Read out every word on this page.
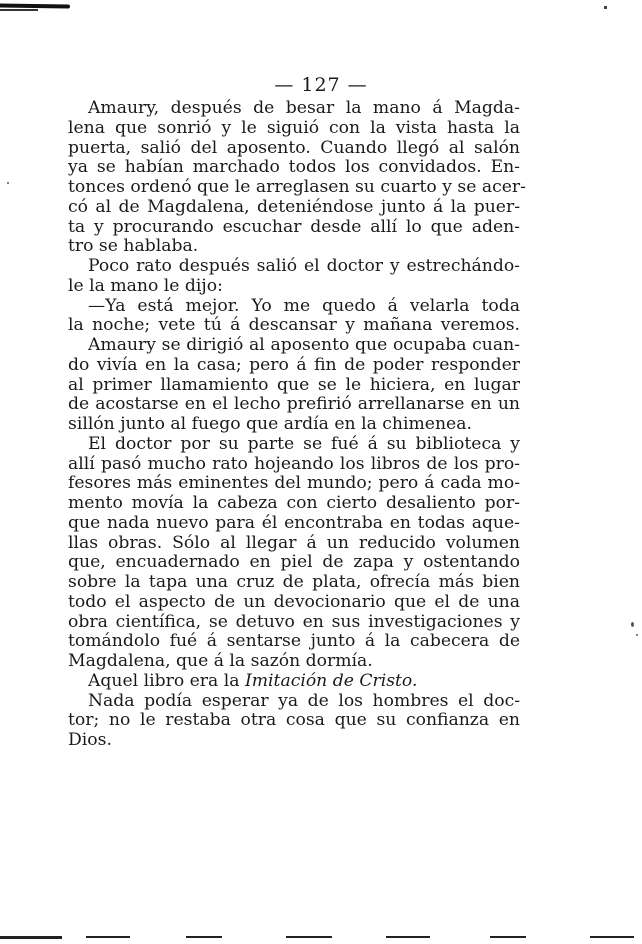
— 127 —
Amaury, después de besar la mano á Magda-
lena que sonrió y le siguió con la vista hasta la
puerta, salió del aposento. Cuando llegó al salón
ya se habían marchado todos los convidados. En-
tonces ordenó que le arreglasen su cuarto y se acer-
có al de Magdalena, deteniéndose junto á la puer-
ta y procurando escuchar desde allí lo que aden-
tro se hablaba.
Poco rato después salió el doctor y estrechándo-
le la mano le dijo:
—Ya está mejor. Yo me quedo á velarla toda
la noche; vete tú á descansar y mañana veremos.
Amaury se dirigió al aposento que ocupaba cuan-
do vivía en la casa; pero á fin de poder responder
al primer llamamiento que se le hiciera, en lugar
de acostarse en el lecho prefirió arrellanarse en un
sillón junto al fuego que ardía en la chimenea.
El doctor por su parte se fué á su biblioteca y
allí pasó mucho rato hojeando los libros de los pro-
fesores más eminentes del mundo; pero á cada mo-
mento movía la cabeza con cierto desaliento por-
que nada nuevo para él encontraba en todas aque-
llas obras. Sólo al llegar á un reducido volumen
que, encuadernado en piel de zapa y ostentando
sobre la tapa una cruz de plata, ofrecía más bien
todo el aspecto de un devocionario que el de una
obra científica, se detuvo en sus investigaciones y
tomándolo fué á sentarse junto á la cabecera de
Magdalena, que á la sazón dormía.
Aquel libro era la Imitación de Cristo.
Nada podía esperar ya de los hombres el doc-
tor; no le restaba otra cosa que su confianza en
Dios.
